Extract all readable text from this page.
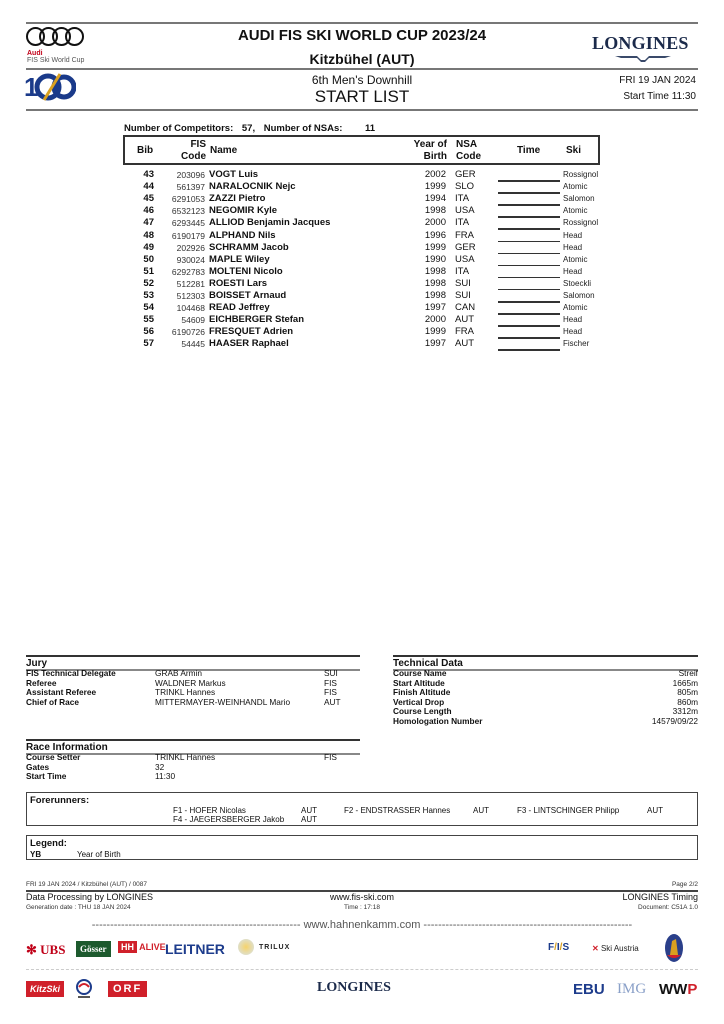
Audi
FIS Ski World Cup
AUDI FIS SKI WORLD CUP 2023/24
Kitzbühel (AUT)
LONGINES
1	6th Men's Downhill
START LIST
FRI 19 JAN 2024
Start Time 11:30
Number of Competitors: 57, Number of NSAs: 11
Bib
FIS
Code
Name
Year of
Birth
NSA
Code
Time	Ski
43	203096 VOGT Luis	2002 GER	Rossignol
44	561397 NARALOCNIK Nejc	1999 SLO	Atomic
45	6291053 ZAZZI Pietro	1994 ITA	Salomon
46	6532123 NEGOMIR Kyle	1998 USA	Atomic
47	6293445 ALLIOD Benjamin Jacques	2000 ITA	Rossignol
48	6190179 ALPHAND Nils	1996 FRA	Head
49	202926 SCHRAMM Jacob	1999 GER	Head
50	930024 MAPLE Wiley	1990 USA	Atomic
51	6292783 MOLTENI Nicolo	1998 ITA	Head
52	512281 ROESTI Lars	1998 SUI	Stoeckli
53	512303 BOISSET Arnaud	1998 SUI	Salomon
54	104468 READ Jeffrey	1997 CAN	Atomic
55	54609 EICHBERGER Stefan	2000 AUT	Head
56	6190726 FRESQUET Adrien	1999 FRA	Head
57	54445 HAASER Raphael	1997 AUT	Fischer
Jury
FIS Technical Delegate	GRAB Armin	SUI
Referee	WALDNER Markus	FIS
Assistant Referee	TRINKL Hannes	FIS
Chief of Race	MITTERMAYER-WEINHANDL Mario	AUT
Technical Data
Course Name	Streif
Start Altitude	1665m
Finish Altitude	805m
Vertical Drop	860m
Course Length	3312m
Homologation Number	14579/09/22
Race Information
Course Setter	TRINKL Hannes	FIS
Gates	32
Start Time	11:30
Forerunners:
F1 - HOFER Nicolas	AUT	F2 - ENDSTRASSER Hannes	AUT	F3 - LINTSCHINGER Philipp	AUT
F4 - JAEGERSBERGER Jakob AUT
Legend:
YB	Year of Birth
FRI 19 JAN 2024 / Kitzbühel (AUT) / 0087	Page 2/2
Data Processing by LONGINES	www.fis-ski.com	LONGINES Timing
Generation date : THU 18 JAN 2024	Time : 17:18	Document: C51A 1.0
--------------------------------------------------------- www.hahnenkamm.com ---------------------------------------------------------
✻ UBS	Gösser	HH ALIVE LEITNER	TRILUX	F/I/S	✕ Ski Austria
KitzSki	ORF	LONGINES	EBU IMG WWP
